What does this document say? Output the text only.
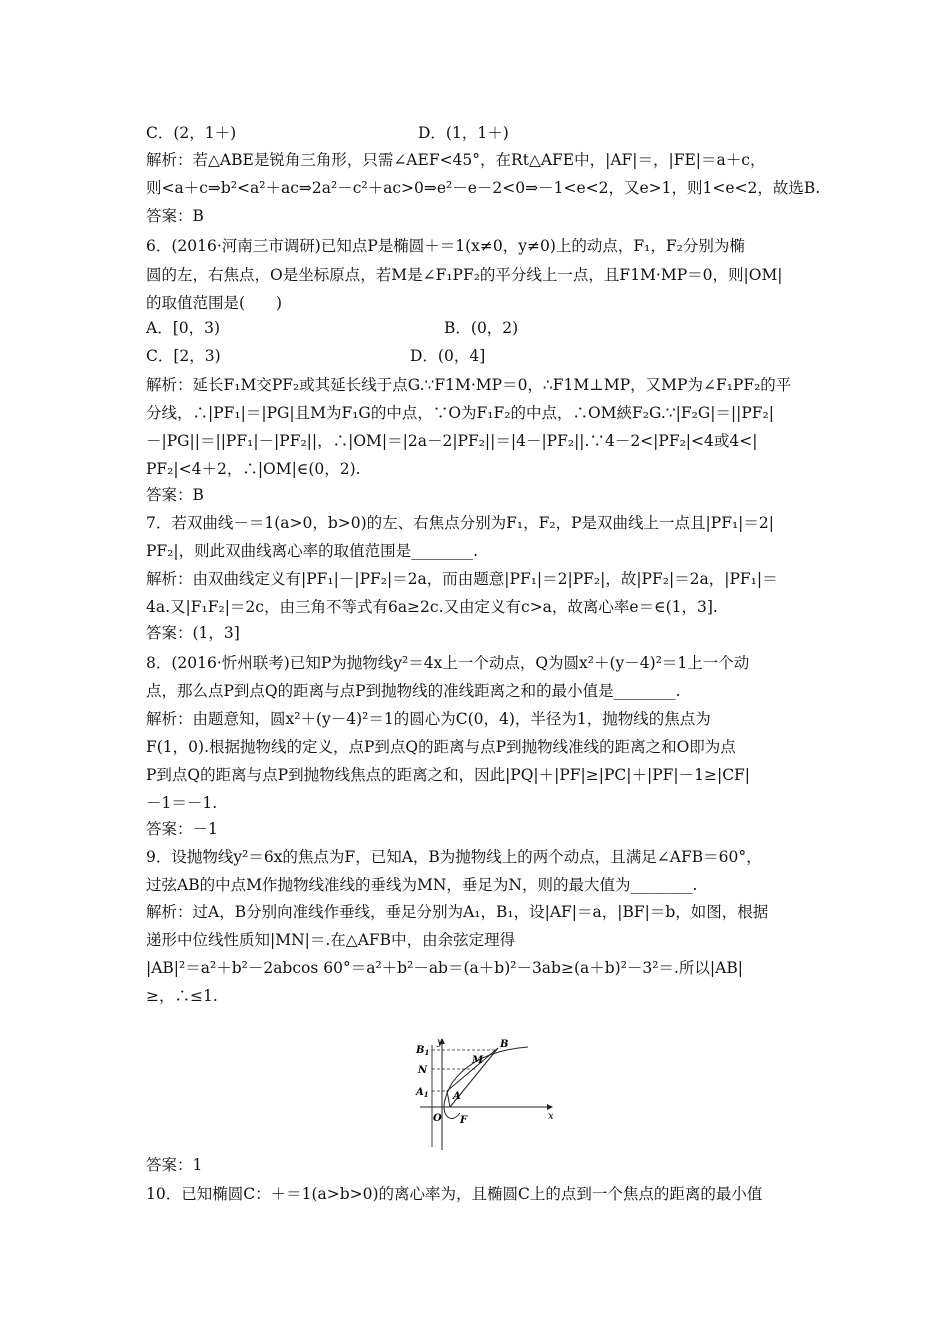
C．(2，1＋)	D．(1，1＋)
解析：若△ABE是锐角三角形，只需∠AEF<45°，在Rt△AFE中，|AF|＝，|FE|＝a＋c，
则<a＋c⇒b²<a²＋ac⇒2a²－c²＋ac>0⇒e²－e－2<0⇒－1<e<2，又e>1，则1<e<2，故选B.
答案：B
6．(2016·河南三市调研)已知点P是椭圆＋＝1(x≠0，y≠0)上的动点，F₁，F₂分别为椭
圆的左，右焦点，O是坐标原点，若M是∠F₁PF₂的平分线上一点，且F1M·MP＝0，则|OM|
的取值范围是(　　)
A．[0，3)	B．(0，2)
C．[2，3)	D．(0，4]
解析：延长F₁M交PF₂或其延长线于点G.∵F1M·MP＝0，∴F1M⊥MP，又MP为∠F₁PF₂的平
分线，∴|PF₁|＝|PG|且M为F₁G的中点，∵O为F₁F₂的中点，∴OM綊F₂G.∵|F₂G|＝||PF₂|
－|PG||＝||PF₁|－|PF₂||，∴|OM|＝|2a－2|PF₂||＝|4－|PF₂||.∵4－2<|PF₂|<4或4<|
PF₂|<4＋2，∴|OM|∈(0，2).
答案：B
7．若双曲线－＝1(a>0，b>0)的左、右焦点分别为F₁，F₂，P是双曲线上一点且|PF₁|＝2|
PF₂|，则此双曲线离心率的取值范围是________.
解析：由双曲线定义有|PF₁|－|PF₂|＝2a，而由题意|PF₁|＝2|PF₂|，故|PF₂|＝2a，|PF₁|＝
4a.又|F₁F₂|＝2c，由三角不等式有6a≥2c.又由定义有c>a，故离心率e＝∈(1，3].
答案：(1，3]
8．(2016·忻州联考)已知P为抛物线y²＝4x上一个动点，Q为圆x²＋(y－4)²＝1上一个动
点，那么点P到点Q的距离与点P到抛物线的准线距离之和的最小值是________.
解析：由题意知，圆x²＋(y－4)²＝1的圆心为C(0，4)，半径为1，抛物线的焦点为
F(1，0).根据抛物线的定义，点P到点Q的距离与点P到抛物线准线的距离之和O即为点
P到点Q的距离与点P到抛物线焦点的距离之和，因此|PQ|＋|PF|≥|PC|＋|PF|－1≥|CF|
－1＝－1.
答案：－1
9．设抛物线y²＝6x的焦点为F，已知A，B为抛物线上的两个动点，且满足∠AFB＝60°，
过弦AB的中点M作抛物线准线的垂线为MN，垂足为N，则的最大值为________.
解析：过A，B分别向准线作垂线，垂足分别为A₁，B₁，设|AF|＝a，|BF|＝b，如图，根据
递形中位线性质知|MN|＝.在△AFB中，由余弦定理得
|AB|²＝a²＋b²－2abcos 60°＝a²＋b²－ab＝(a＋b)²－3ab≥(a＋b)²－3²＝.所以|AB|
≥，∴≤1.
y
x
O F
A
$A_1$
B
$B_1$
M
N
答案：1
10．已知椭圆C：＋＝1(a>b>0)的离心率为，且椭圆C上的点到一个焦点的距离的最小值
